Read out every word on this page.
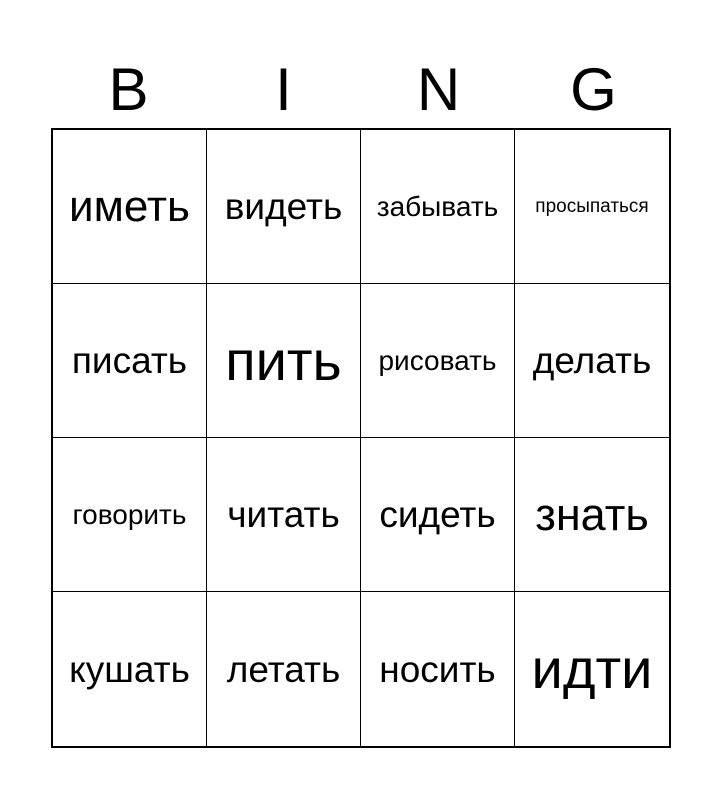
B	I	N	G
иметь видеть забывать просыпаться
писать пить рисовать делать
говорить читать сидеть знать
кушать летать носить идти
